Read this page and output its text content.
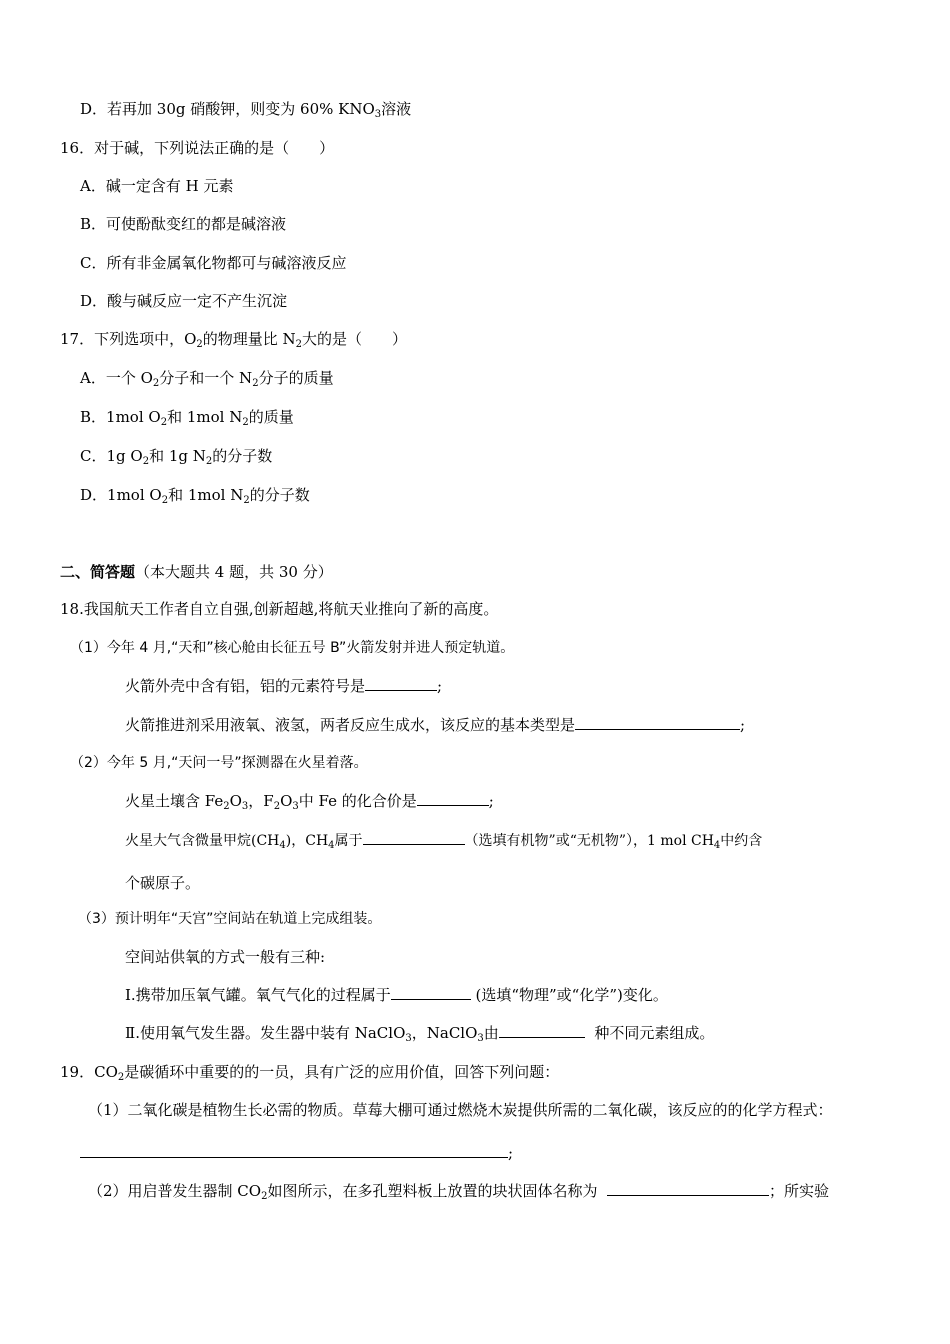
D．若再加 30g 硝酸钾，则变为 60% $KNO_3$溶液
16．对于碱，下列说法正确的是（　　）
A．碱一定含有 H 元素
B．可使酚酞变红的都是碱溶液
C．所有非金属氧化物都可与碱溶液反应
D．酸与碱反应一定不产生沉淀
17．下列选项中，$O_2$的物理量比 $N_2$大的是（　　）
A．一个 $O_2$分子和一个 $N_2$分子的质量
B．1mol $O_2$和 1mol $N_2$的质量
C．1g $O_2$和 1g $N_2$的分子数
D．1mol $O_2$和 1mol $N_2$的分子数
二、简答题（本大题共 4 题，共 30 分）
18.我国航天工作者自立自强,创新超越,将航天业推向了新的高度。
（1）今年 4 月,“天和”核心舱由长征五号 B”火箭发射并进人预定轨道。
火箭外壳中含有铝，铝的元素符号是	;
火箭推进剂采用液氧、液氢，两者反应生成水，该反应的基本类型是	;
（2）今年 5 月,“天问一号”探测器在火星着落。
火星土壤含 $Fe_2O_3$，$F_2O_3$中 Fe 的化合价是	;
火星大气含微量甲烷$(CH_4)$，$CH_4$属于	（选填有机物”或“无机物”），1 mol $CH_4$中约含
个碳原子。
（3）预计明年“天宫”空间站在轨道上完成组装。
空间站供氧的方式一般有三种:
Ⅰ.携带加压氧气罐。氧气气化的过程属于	(选填“物理”或“化学”)变化。
Ⅱ.使用氧气发生器。发生器中装有 NaClO$_3$，NaClO$_3$由	种不同元素组成。
19．$CO_2$是碳循环中重要的的一员，具有广泛的应用价值，回答下列问题：
（1）二氧化碳是植物生长必需的物质。草莓大棚可通过燃烧木炭提供所需的二氧化碳，该反应的的化学方程式：
;
（2）用启普发生器制 $CO_2$如图所示，在多孔塑料板上放置的块状固体名称为	；所实验
